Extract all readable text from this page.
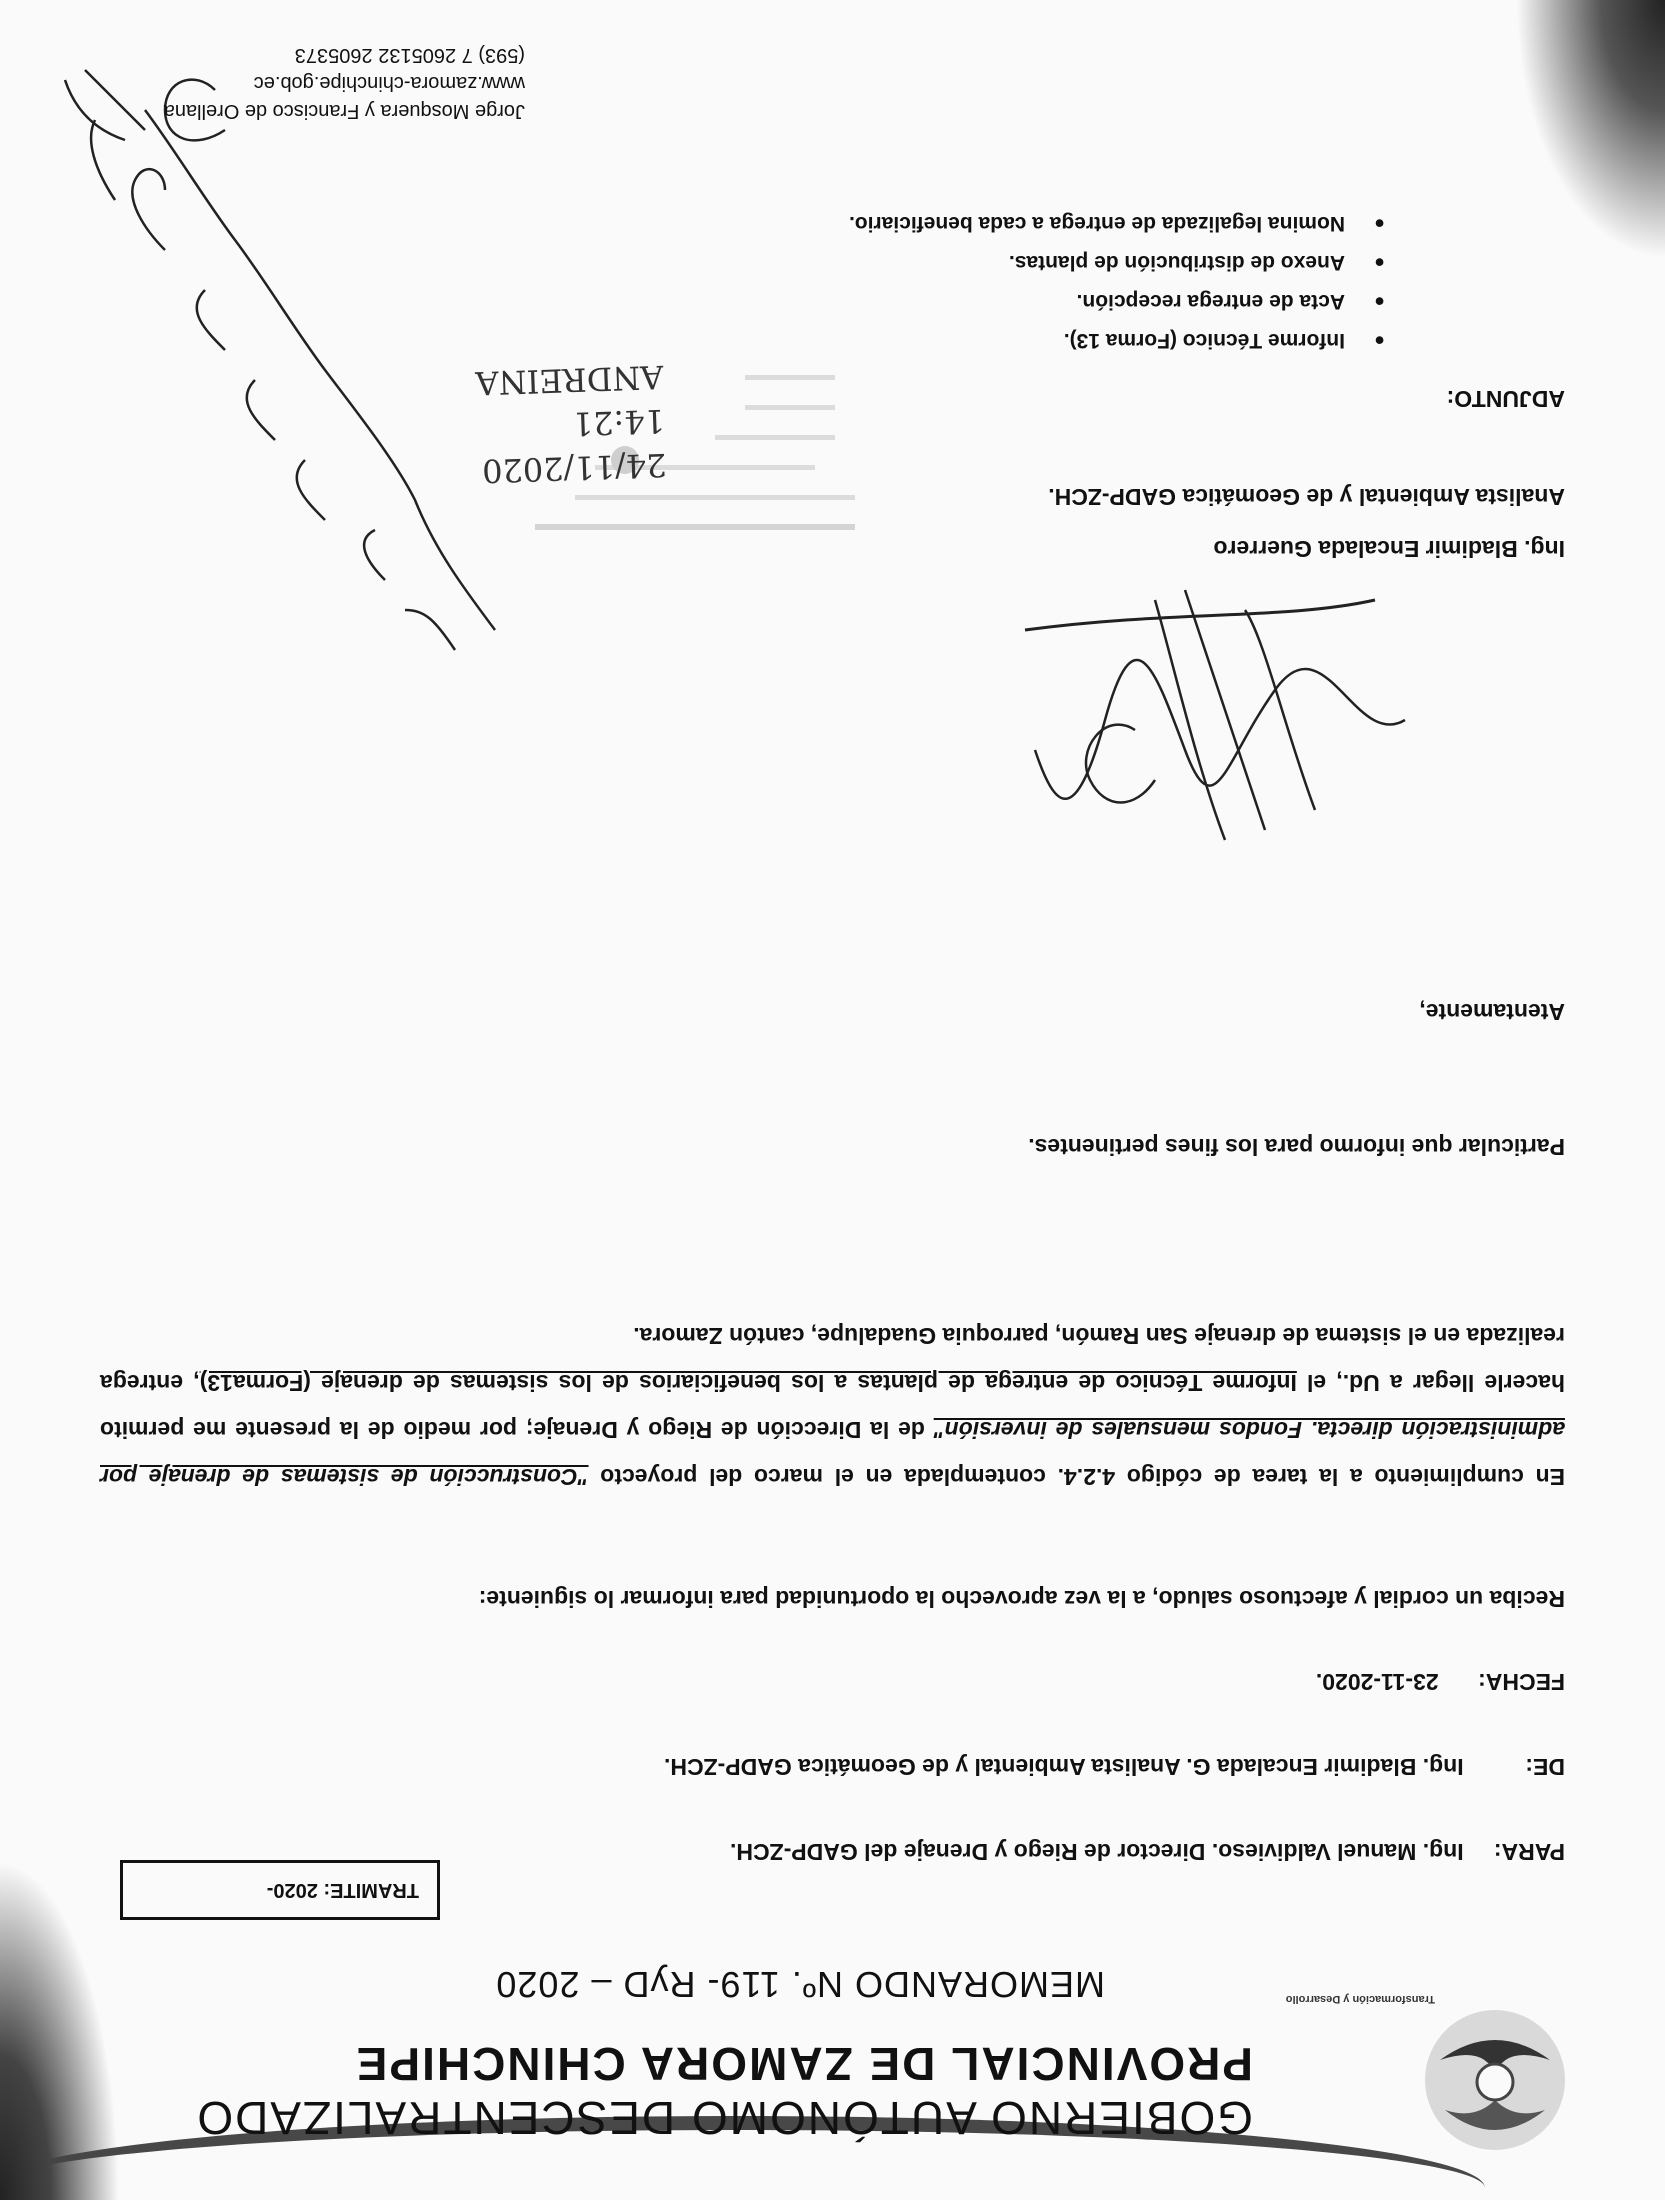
Transformación y Desarrollo
GOBIERNO AUTÓNOMO DESCENTRALIZADO
PROVINCIAL DE ZAMORA CHINCHIPE
MEMORANDO Nº. 119- RyD – 2020
TRAMITE: 2020-
PARA: Ing. Manuel Valdivieso. Director de Riego y Drenaje del GADP-ZCH.
DE: Ing. Bladimir Encalada G. Analista Ambiental y de Geomática GADP-ZCH.
FECHA: 23-11-2020.
Reciba un cordial y afectuoso saludo, a la vez aprovecho la oportunidad para informar lo siguiente:
En cumplimiento a la tarea de código 4.2.4. contemplada en el marco del proyecto "Construcción de sistemas de drenaje por administración directa. Fondos mensuales de inversión" de la Dirección de Riego y Drenaje; por medio de la presente me permito hacerle llegar a Ud., el Informe Técnico de entrega de plantas a los beneficiarios de los sistemas de drenaje (Forma13), entrega realizada en el sistema de drenaje San Ramón, parroquia Guadalupe, cantón Zamora.
Particular que informo para los fines pertinentes.
Atentamente,
Ing. Bladimir Encalada Guerrero
Analista Ambiental y de Geomática GADP-ZCH.
24/11/2020
14:21
ANDREINA	ADJUNTO:
●
Informe Técnico (Forma 13).
●
Acta de entrega recepción.
●
Anexo de distribución de plantas.
●
Nomina legalizada de entrega a cada beneficiario.
Jorge Mosquera y Francisco de Orellana
www.zamora-chinchipe.gob.ec
(593) 7 2605132 2605373
